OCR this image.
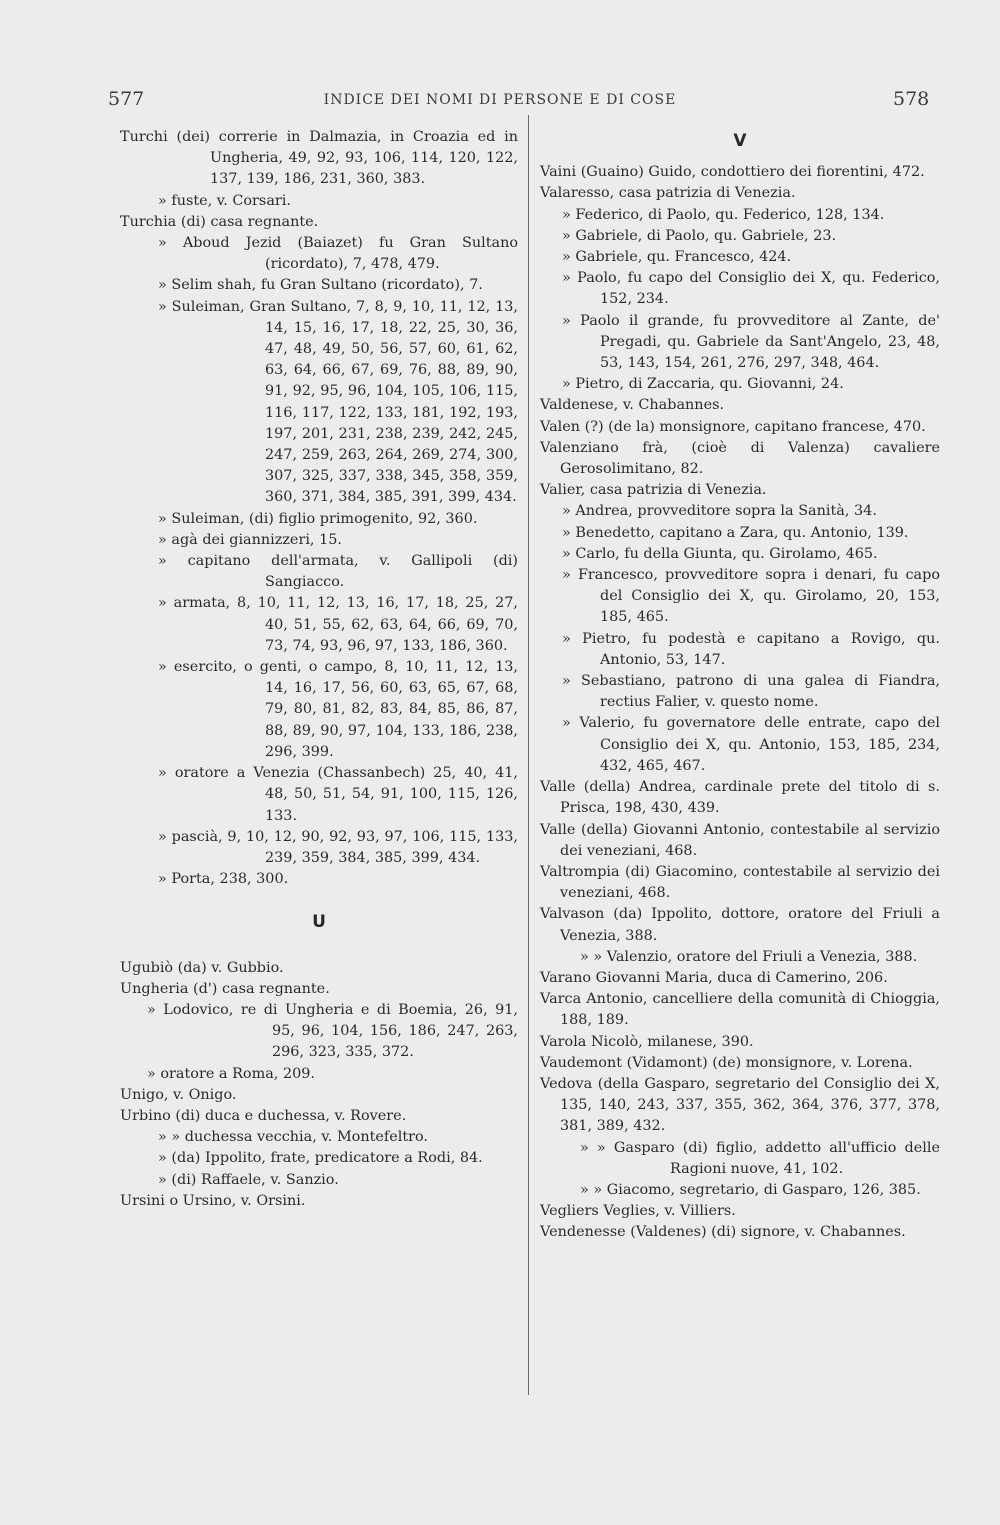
577	INDICE DEI NOMI DI PERSONE E DI COSE	578
Turchi (dei) correrie in Dalmazia, in Croazia ed in Ungheria, 49, 92, 93, 106, 114, 120, 122, 137, 139, 186, 231, 360, 383.
» fuste, v. Corsari.
Turchia (di) casa regnante.
» Aboud Jezid (Baiazet) fu Gran Sultano (ricordato), 7, 478, 479.
» Selim shah, fu Gran Sultano (ricordato), 7.
» Suleiman, Gran Sultano, 7, 8, 9, 10, 11, 12, 13, 14, 15, 16, 17, 18, 22, 25, 30, 36, 47, 48, 49, 50, 56, 57, 60, 61, 62, 63, 64, 66, 67, 69, 76, 88, 89, 90, 91, 92, 95, 96, 104, 105, 106, 115, 116, 117, 122, 133, 181, 192, 193, 197, 201, 231, 238, 239, 242, 245, 247, 259, 263, 264, 269, 274, 300, 307, 325, 337, 338, 345, 358, 359, 360, 371, 384, 385, 391, 399, 434.
» Suleiman, (di) figlio primogenito, 92, 360.
» agà dei giannizzeri, 15.
» capitano dell'armata, v. Gallipoli (di) Sangiacco.
» armata, 8, 10, 11, 12, 13, 16, 17, 18, 25, 27, 40, 51, 55, 62, 63, 64, 66, 69, 70, 73, 74, 93, 96, 97, 133, 186, 360.
» esercito, o genti, o campo, 8, 10, 11, 12, 13, 14, 16, 17, 56, 60, 63, 65, 67, 68, 79, 80, 81, 82, 83, 84, 85, 86, 87, 88, 89, 90, 97, 104, 133, 186, 238, 296, 399.
» oratore a Venezia (Chassanbech) 25, 40, 41, 48, 50, 51, 54, 91, 100, 115, 126, 133.
» pascià, 9, 10, 12, 90, 92, 93, 97, 106, 115, 133, 239, 359, 384, 385, 399, 434.
» Porta, 238, 300.
U
Ugubiò (da) v. Gubbio.
Ungheria (d') casa regnante.
» Lodovico, re di Ungheria e di Boemia, 26, 91, 95, 96, 104, 156, 186, 247, 263, 296, 323, 335, 372.
» oratore a Roma, 209.
Unigo, v. Onigo.
Urbino (di) duca e duchessa, v. Rovere.
» » duchessa vecchia, v. Montefeltro.
» (da) Ippolito, frate, predicatore a Rodi, 84.
» (di) Raffaele, v. Sanzio.
Ursini o Ursino, v. Orsini.
V
Vaini (Guaino) Guido, condottiero dei fiorentini, 472.
Valaresso, casa patrizia di Venezia.
» Federico, di Paolo, qu. Federico, 128, 134.
» Gabriele, di Paolo, qu. Gabriele, 23.
» Gabriele, qu. Francesco, 424.
» Paolo, fu capo del Consiglio dei X, qu. Federico, 152, 234.
» Paolo il grande, fu provveditore al Zante, de' Pregadi, qu. Gabriele da Sant'Angelo, 23, 48, 53, 143, 154, 261, 276, 297, 348, 464.
» Pietro, di Zaccaria, qu. Giovanni, 24.
Valdenese, v. Chabannes.
Valen (?) (de la) monsignore, capitano francese, 470.
Valenziano frà, (cioè di Valenza) cavaliere Gerosolimitano, 82.
Valier, casa patrizia di Venezia.
» Andrea, provveditore sopra la Sanità, 34.
» Benedetto, capitano a Zara, qu. Antonio, 139.
» Carlo, fu della Giunta, qu. Girolamo, 465.
» Francesco, provveditore sopra i denari, fu capo del Consiglio dei X, qu. Girolamo, 20, 153, 185, 465.
» Pietro, fu podestà e capitano a Rovigo, qu. Antonio, 53, 147.
» Sebastiano, patrono di una galea di Fiandra, rectius Falier, v. questo nome.
» Valerio, fu governatore delle entrate, capo del Consiglio dei X, qu. Antonio, 153, 185, 234, 432, 465, 467.
Valle (della) Andrea, cardinale prete del titolo di s. Prisca, 198, 430, 439.
Valle (della) Giovanni Antonio, contestabile al servizio dei veneziani, 468.
Valtrompia (di) Giacomino, contestabile al servizio dei veneziani, 468.
Valvason (da) Ippolito, dottore, oratore del Friuli a Venezia, 388.
» » Valenzio, oratore del Friuli a Venezia, 388.
Varano Giovanni Maria, duca di Camerino, 206.
Varca Antonio, cancelliere della comunità di Chioggia, 188, 189.
Varola Nicolò, milanese, 390.
Vaudemont (Vidamont) (de) monsignore, v. Lorena.
Vedova (della Gasparo, segretario del Consiglio dei X, 135, 140, 243, 337, 355, 362, 364, 376, 377, 378, 381, 389, 432.
» » Gasparo (di) figlio, addetto all'ufficio delle Ragioni nuove, 41, 102.
» » Giacomo, segretario, di Gasparo, 126, 385.
Vegliers Veglies, v. Villiers.
Vendenesse (Valdenes) (di) signore, v. Chabannes.
